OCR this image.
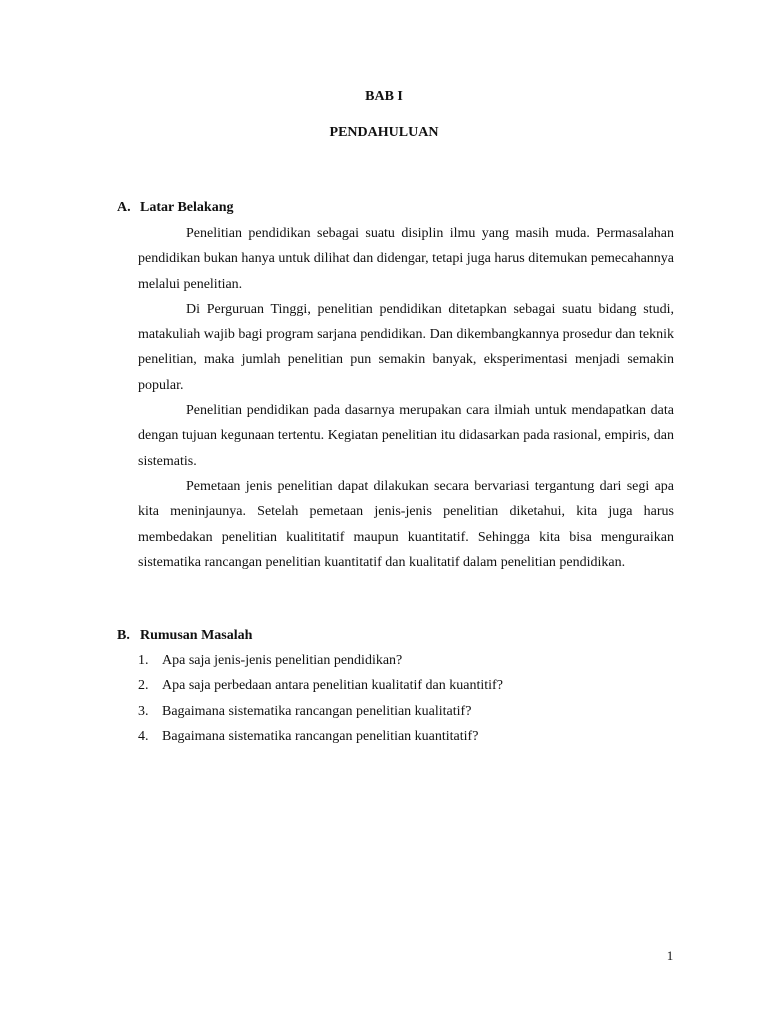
BAB I
PENDAHULUAN
A. Latar Belakang

Penelitian pendidikan sebagai suatu disiplin ilmu yang masih muda. Permasalahan pendidikan bukan hanya untuk dilihat dan didengar, tetapi juga harus ditemukan pemecahannya melalui penelitian.

Di Perguruan Tinggi, penelitian pendidikan ditetapkan sebagai suatu bidang studi, matakuliah wajib bagi program sarjana pendidikan. Dan dikembangkannya prosedur dan teknik penelitian, maka jumlah penelitian pun semakin banyak, eksperimentasi menjadi semakin popular.

Penelitian pendidikan pada dasarnya merupakan cara ilmiah untuk mendapatkan data dengan tujuan kegunaan tertentu. Kegiatan penelitian itu didasarkan pada rasional, empiris, dan sistematis.

Pemetaan jenis penelitian dapat dilakukan secara bervariasi tergantung dari segi apa kita meninjaunya. Setelah pemetaan jenis-jenis penelitian diketahui, kita juga harus membedakan penelitian kualititatif maupun kuantitatif. Sehingga kita bisa menguraikan sistematika rancangan penelitian kuantitatif dan kualitatif dalam penelitian pendidikan.

B. Rumusan Masalah
1. Apa saja jenis-jenis penelitian pendidikan?
2. Apa saja perbedaan antara penelitian kualitatif dan kuantitif?
3. Bagaimana sistematika rancangan penelitian kualitatif?
4. Bagaimana sistematika rancangan penelitian kuantitatif?
1
